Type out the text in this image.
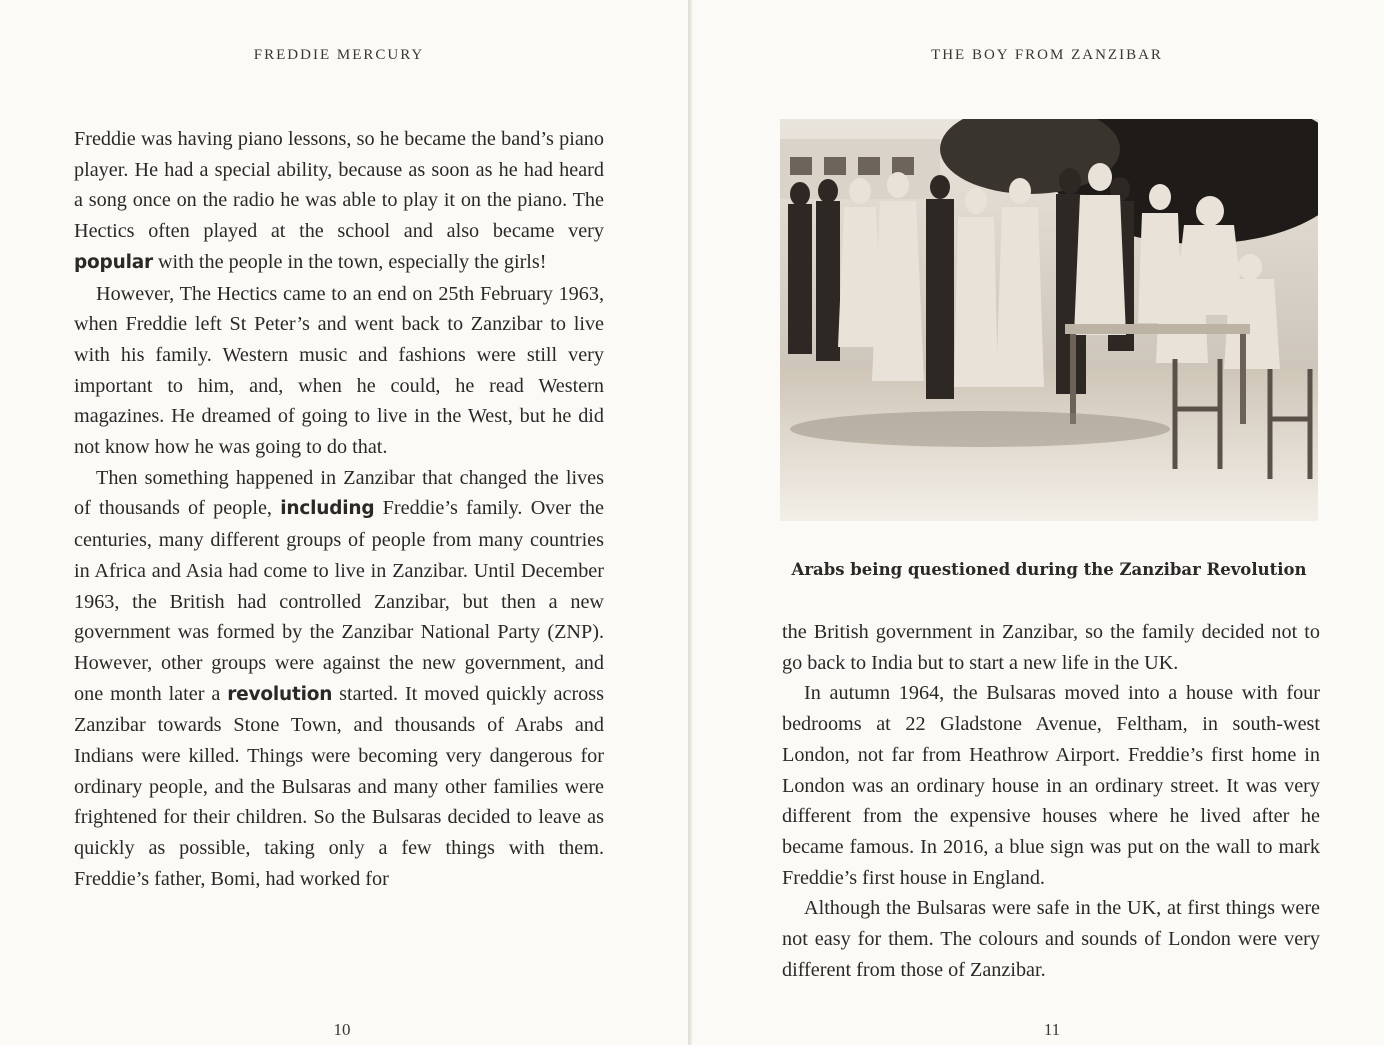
FREDDIE MERCURY

Freddie was having piano lessons, so he became the band’s piano player. He had a special ability, because as soon as he had heard a song once on the radio he was able to play it on the piano. The Hectics often played at the school and also became very popular with the people in the town, especially the girls!

However, The Hectics came to an end on 25th February 1963, when Freddie left St Peter’s and went back to Zanzibar to live with his family. Western music and fashions were still very important to him, and, when he could, he read Western magazines. He dreamed of going to live in the West, but he did not know how he was going to do that.

Then something happened in Zanzibar that changed the lives of thousands of people, including Freddie’s family. Over the centuries, many different groups of people from many countries in Africa and Asia had come to live in Zanzibar. Until December 1963, the British had controlled Zanzibar, but then a new government was formed by the Zanzibar National Party (ZNP). However, other groups were against the new government, and one month later a revolution started. It moved quickly across Zanzibar towards Stone Town, and thousands of Arabs and Indians were killed. Things were becoming very dangerous for ordinary people, and the Bulsaras and many other families were frightened for their children. So the Bulsaras decided to leave as quickly as possible, taking only a few things with them. Freddie’s father, Bomi, had worked for

10
THE BOY FROM ZANZIBAR
Arabs being questioned during the Zanzibar Revolution

the British government in Zanzibar, so the family decided not to go back to India but to start a new life in the UK.

In autumn 1964, the Bulsaras moved into a house with four bedrooms at 22 Gladstone Avenue, Feltham, in south-west London, not far from Heathrow Airport. Freddie’s first home in London was an ordinary house in an ordinary street. It was very different from the expensive houses where he lived after he became famous. In 2016, a blue sign was put on the wall to mark Freddie’s first house in England.

Although the Bulsaras were safe in the UK, at first things were not easy for them. The colours and sounds of London were very different from those of Zanzibar.

11
